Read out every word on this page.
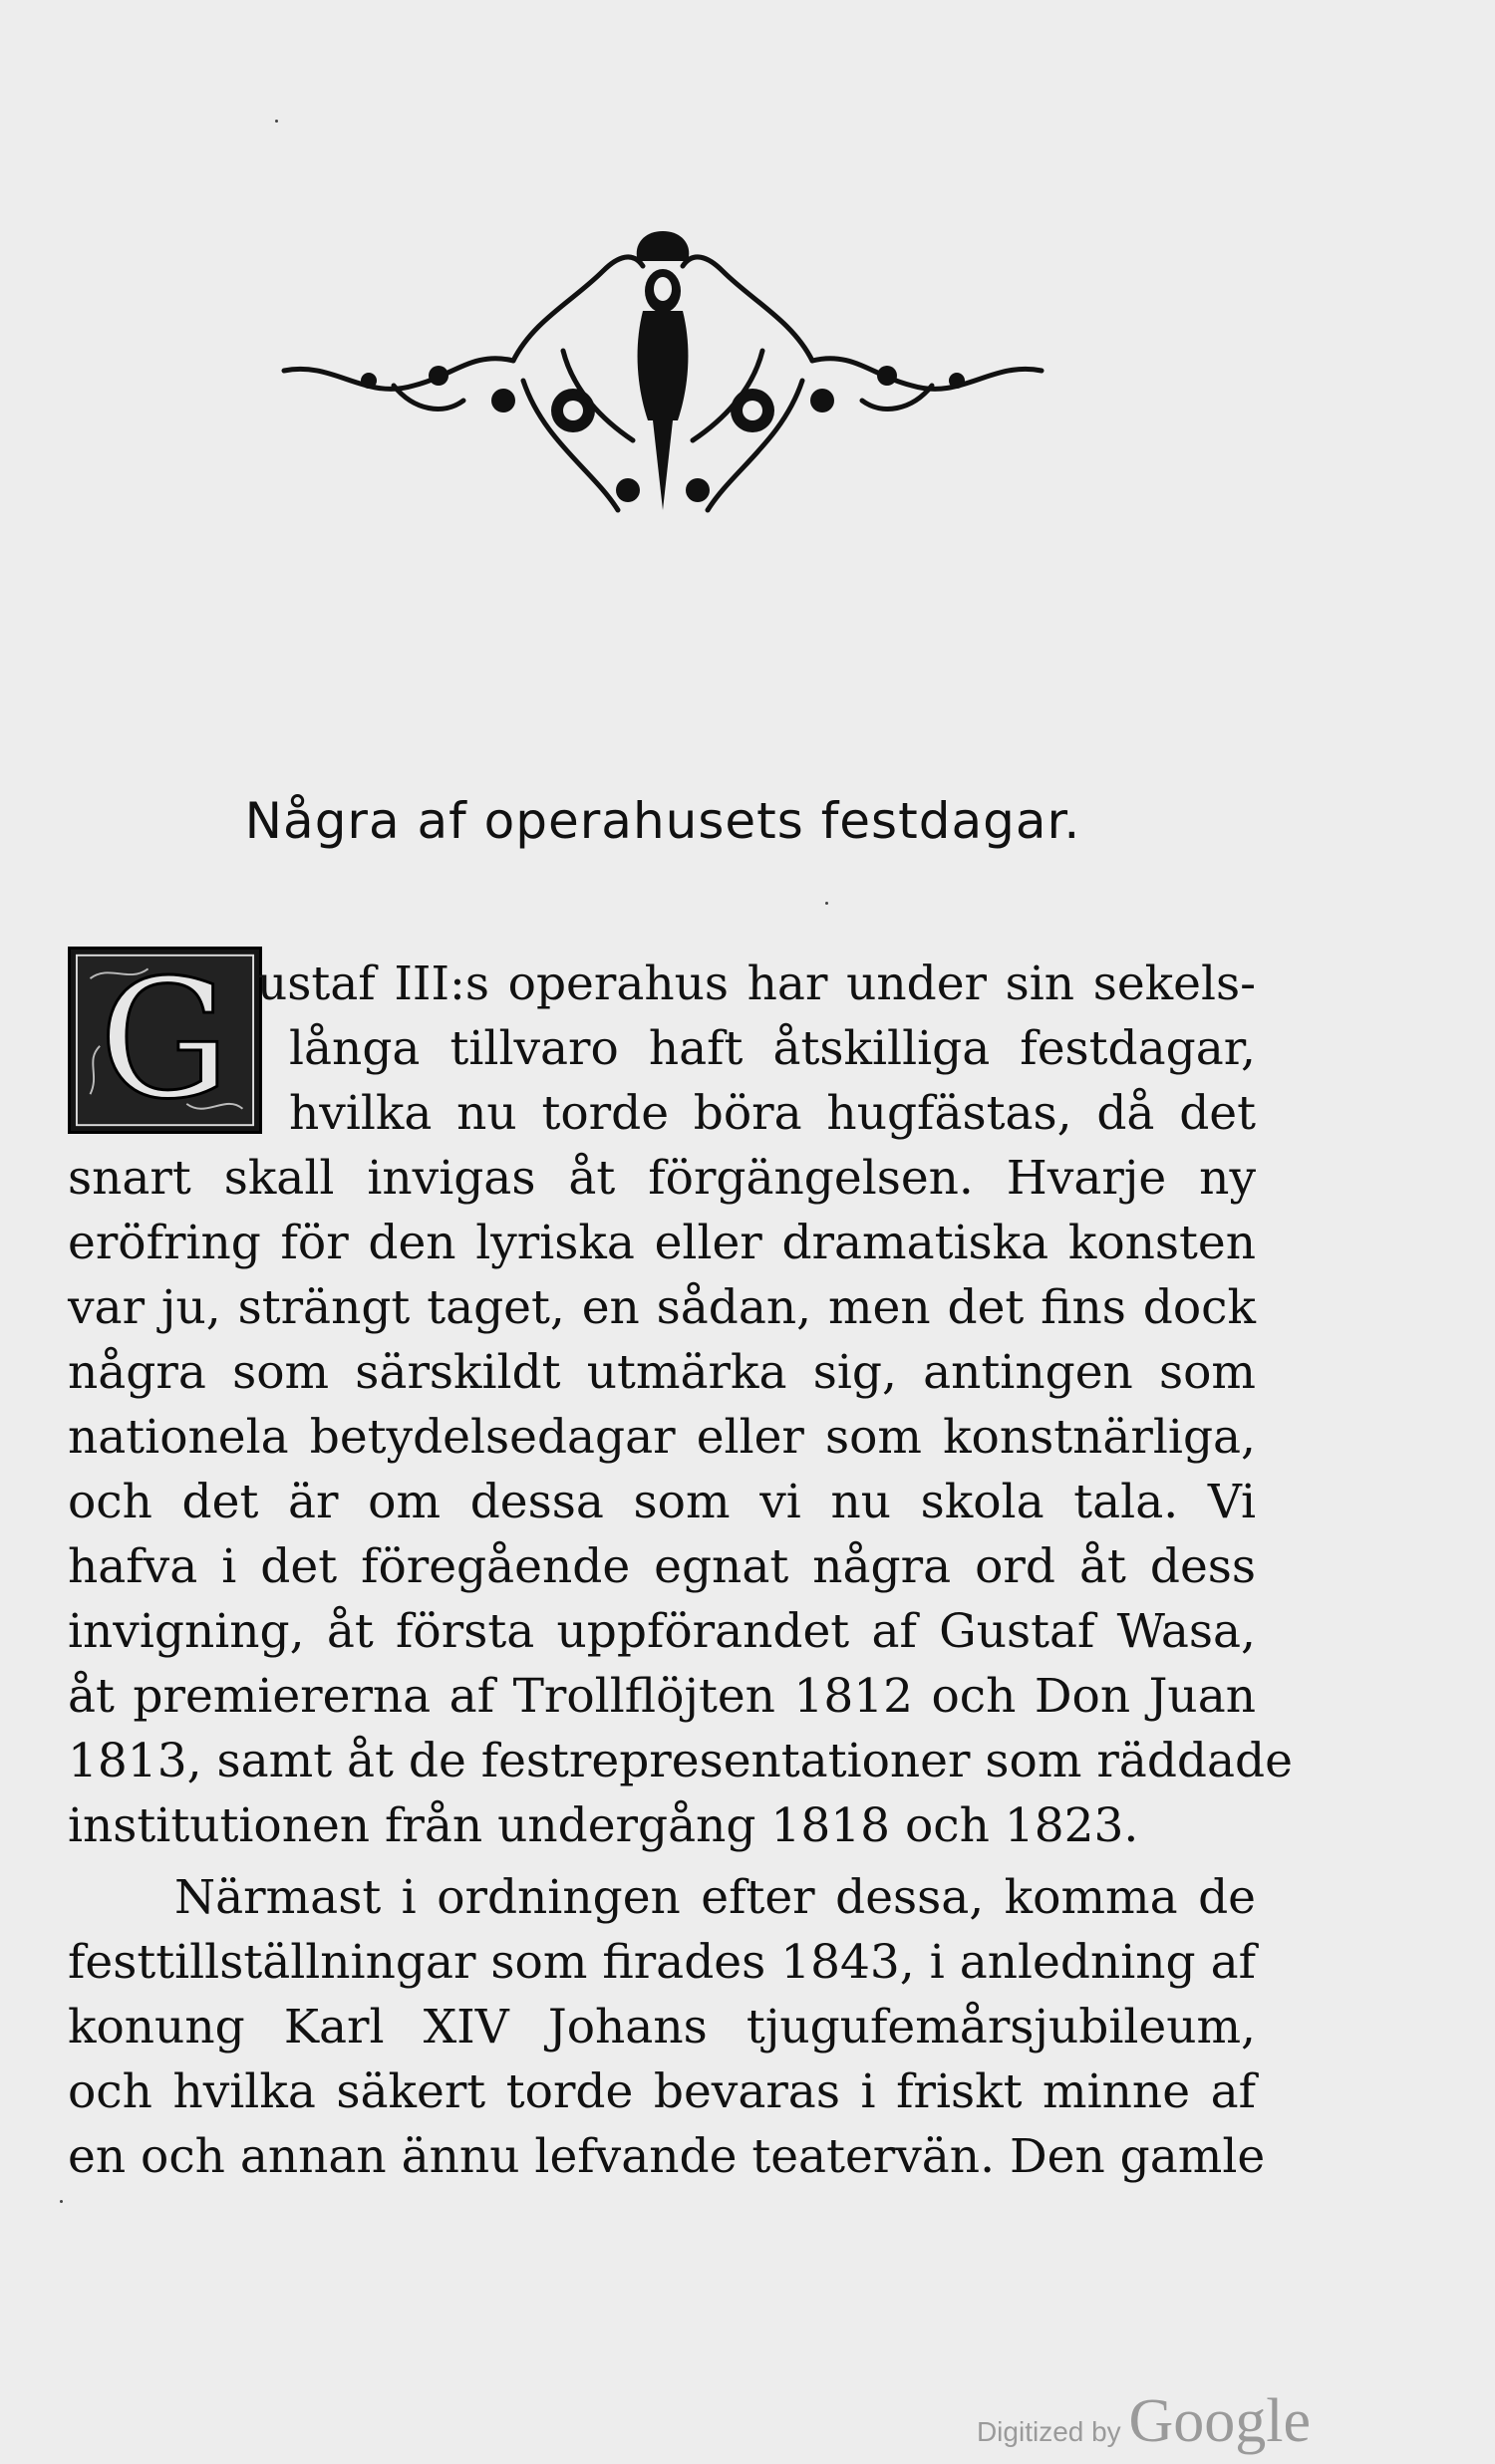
Några af operahusets festdagar.
G ustaf III:s operahus har under sin sekels-
långa tillvaro haft åtskilliga festdagar,
hvilka nu torde böra hugfästas, då det
snart skall invigas åt förgängelsen. Hvarje ny
eröfring för den lyriska eller dramatiska konsten
var ju, strängt taget, en sådan, men det fins dock
några som särskildt utmärka sig, antingen som
nationela betydelsedagar eller som konstnärliga,
och det är om dessa som vi nu skola tala. Vi
hafva i det föregående egnat några ord åt dess
invigning, åt första uppförandet af Gustaf Wasa,
åt premiererna af Trollflöjten 1812 och Don Juan
1813, samt åt de festrepresentationer som räddade
institutionen från undergång 1818 och 1823.
Närmast i ordningen efter dessa, komma de
festtillställningar som firades 1843, i anledning af
konung Karl XIV Johans tjugufemårsjubileum,
och hvilka säkert torde bevaras i friskt minne af
en och annan ännu lefvande teatervän. Den gamle
Digitized by Google
